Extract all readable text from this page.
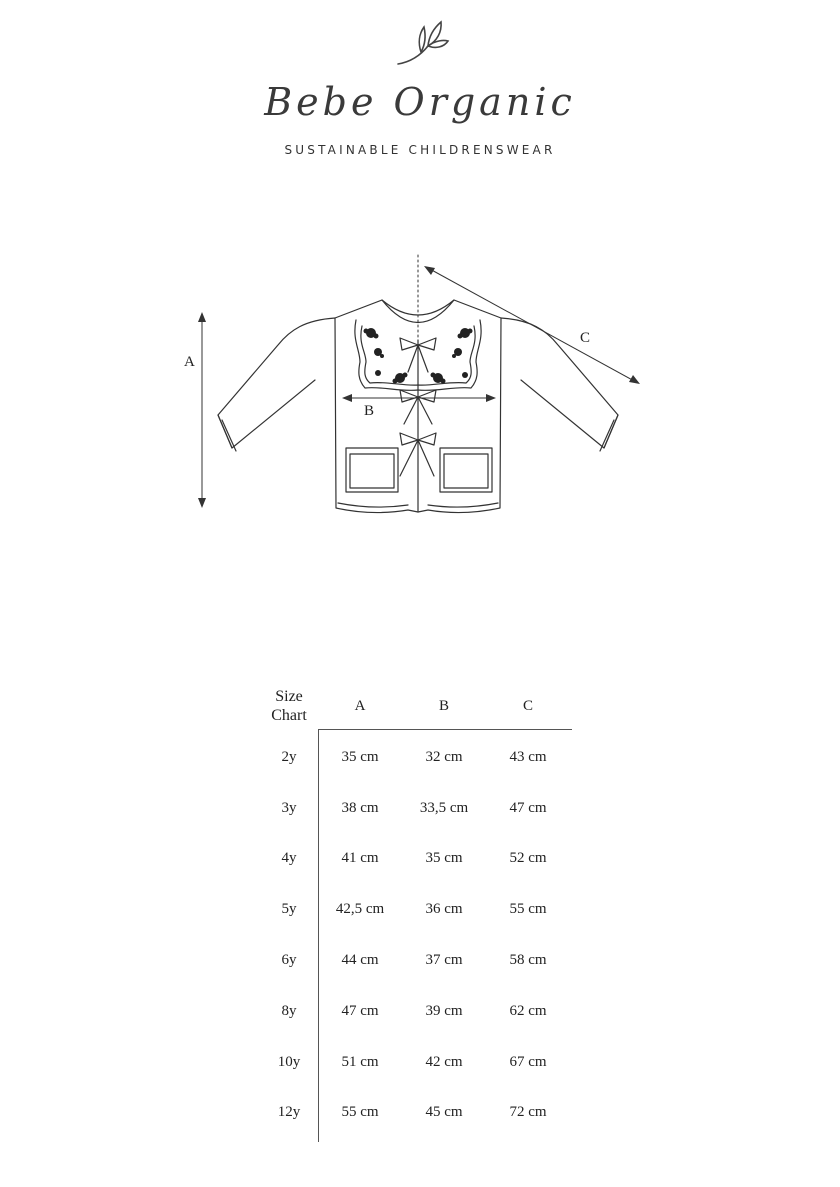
Bebe Organic
SUSTAINABLE CHILDRENSWEAR
A
B
C
Size
Chart	A	B	C
2y	35 cm	32 cm	43 cm
3y	38 cm	33,5 cm	47 cm
4y	41 cm	35 cm	52 cm
5y	42,5 cm	36 cm	55 cm
6y	44 cm	37 cm	58 cm
8y	47 cm	39 cm	62 cm
10y	51 cm	42 cm	67 cm
12y	55 cm	45 cm	72 cm
